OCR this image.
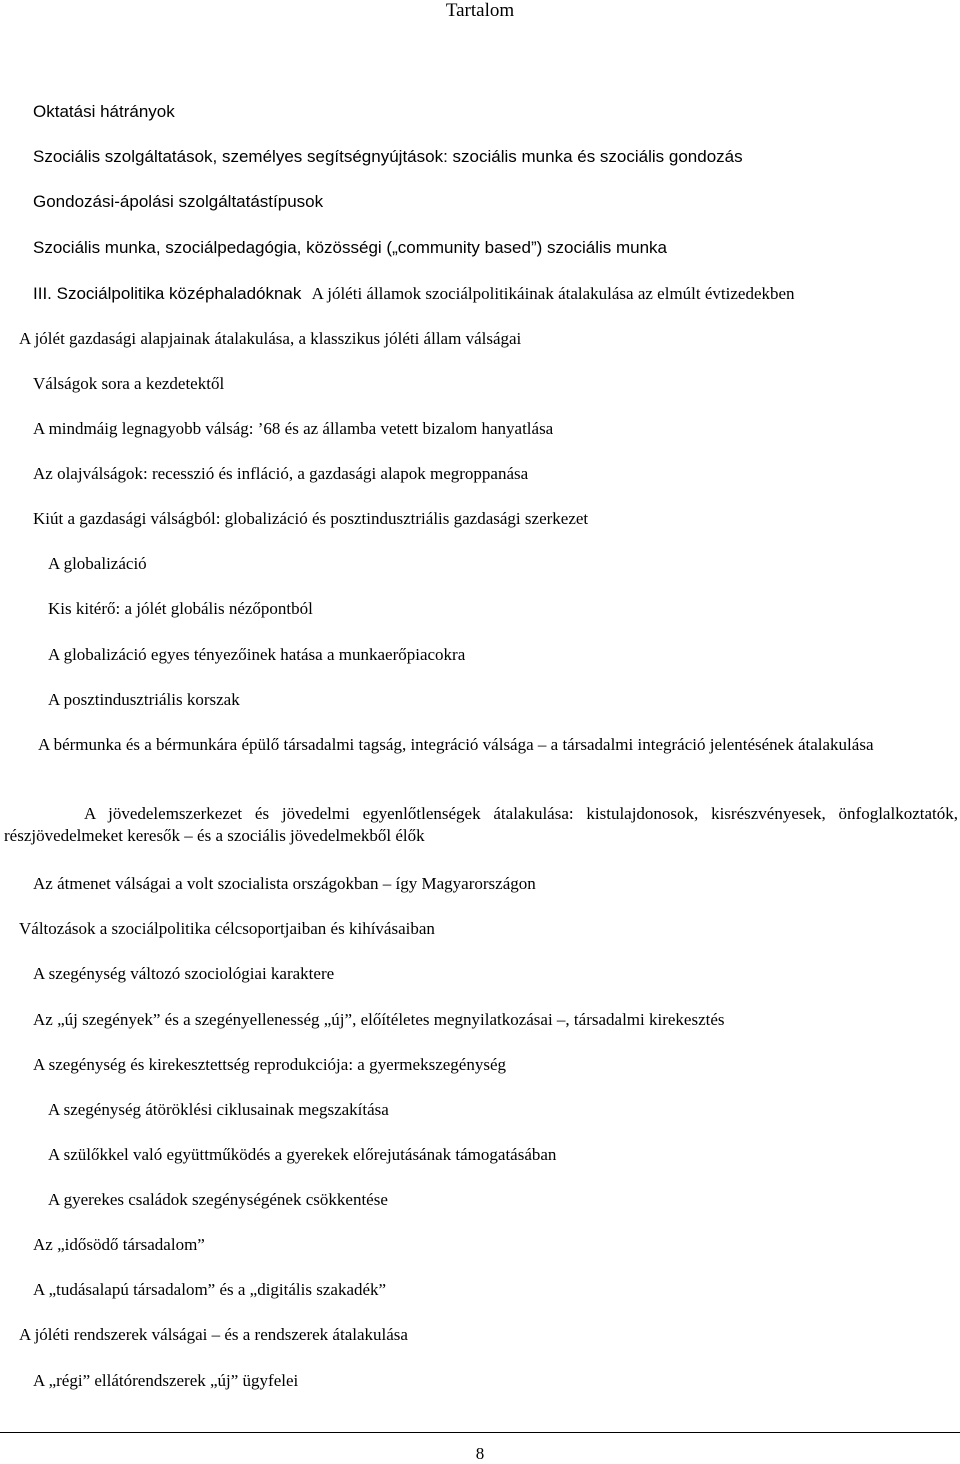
Tartalom

Oktatási hátrányok

Szociális szolgáltatások, személyes segítségnyújtások: szociális munka és szociális gondozás

Gondozási-ápolási szolgáltatástípusok

Szociális munka, szociálpedagógia, közösségi („community based”) szociális munka

III. Szociálpolitika középhaladóknak A jóléti államok szociálpolitikáinak átalakulása az elmúlt évtizedekben

A jólét gazdasági alapjainak átalakulása, a klasszikus jóléti állam válságai

Válságok sora a kezdetektől

A mindmáig legnagyobb válság: ’68 és az államba vetett bizalom hanyatlása

Az olajválságok: recesszió és infláció, a gazdasági alapok megroppanása

Kiút a gazdasági válságból: globalizáció és posztindusztriális gazdasági szerkezet

A globalizáció

Kis kitérő: a jólét globális nézőpontból

A globalizáció egyes tényezőinek hatása a munkaerőpiacokra

A posztindusztriális korszak

A bérmunka és a bérmunkára épülő társadalmi tagság, integráció válsága – a társadalmi integráció jelentésének átalakulása

A jövedelemszerkezet és jövedelmi egyenlőtlenségek átalakulása: kistulajdonosok, kisrészvényesek, önfoglalkoztatók, részjövedelmeket keresők – és a szociális jövedelmekből élők

Az átmenet válságai a volt szocialista országokban – így Magyarországon

Változások a szociálpolitika célcsoportjaiban és kihívásaiban

A szegénység változó szociológiai karaktere

Az „új szegények” és a szegényellenesség „új”, előítéletes megnyilatkozásai –, társadalmi kirekesztés

A szegénység és kirekesztettség reprodukciója: a gyermekszegénység

A szegénység átöröklési ciklusainak megszakítása

A szülőkkel való együttműködés a gyerekek előrejutásának támogatásában

A gyerekes családok szegénységének csökkentése

Az „idősödő társadalom”

A „tudásalapú társadalom” és a „digitális szakadék”

A jóléti rendszerek válságai – és a rendszerek átalakulása

A „régi” ellátórendszerek „új” ügyfelei

8
